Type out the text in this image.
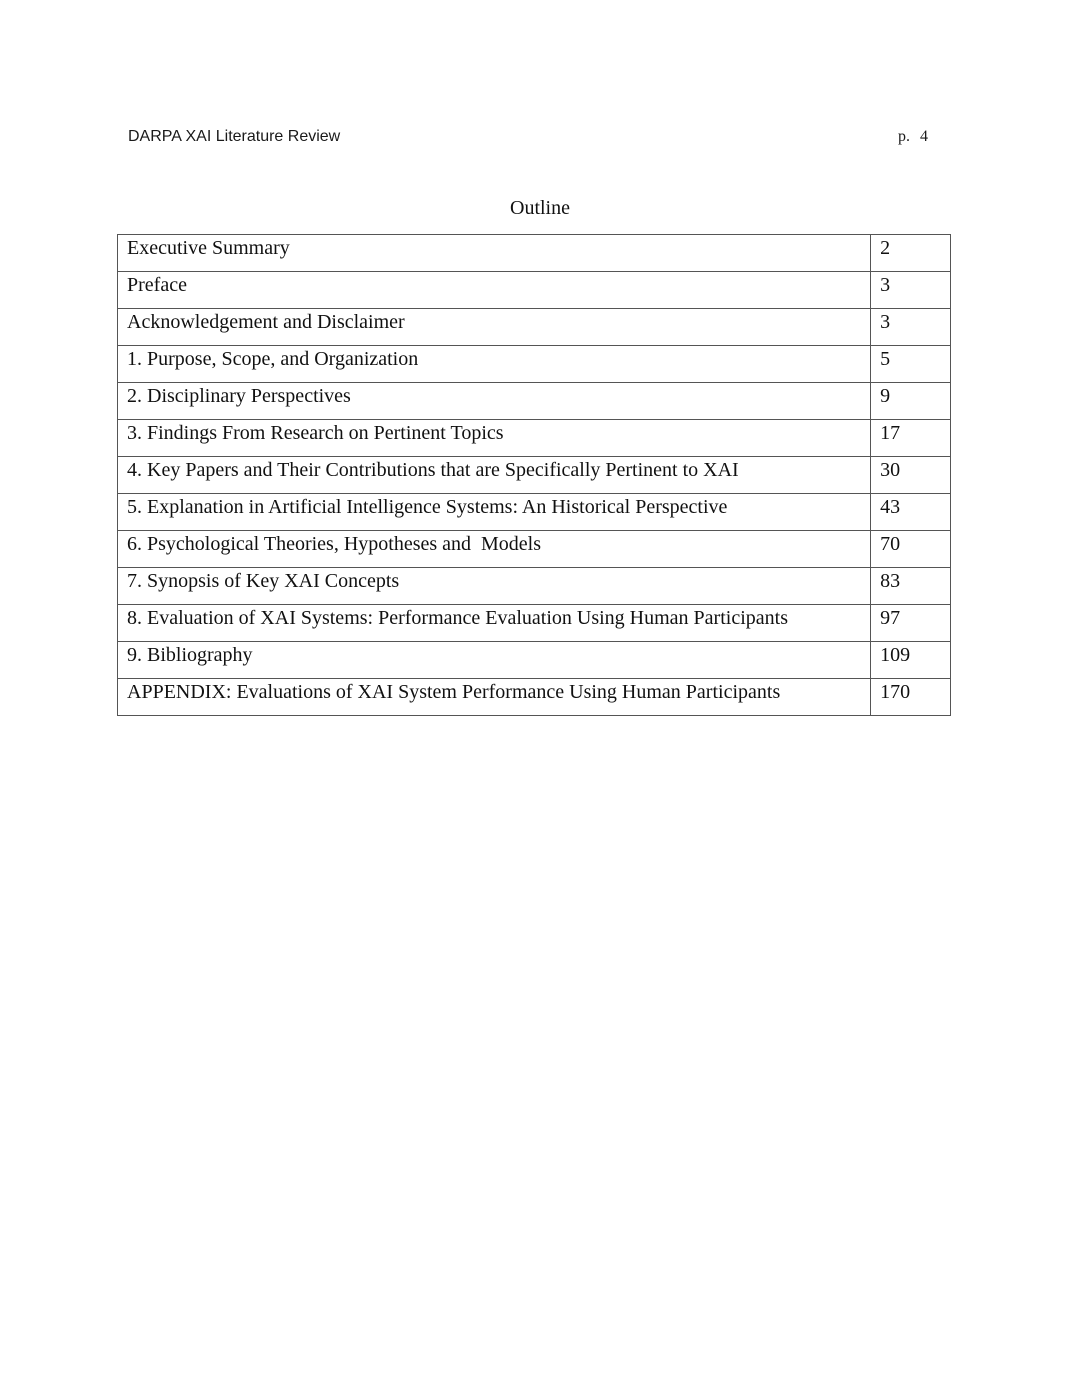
DARPA XAI Literature Review	p. 4
Outline
Executive Summary	2
Preface	3
Acknowledgement and Disclaimer	3
1. Purpose, Scope, and Organization	5
2. Disciplinary Perspectives	9
3. Findings From Research on Pertinent Topics	17
4. Key Papers and Their Contributions that are Specifically Pertinent to XAI	30
5. Explanation in Artificial Intelligence Systems: An Historical Perspective	43
6. Psychological Theories, Hypotheses and  Models	70
7. Synopsis of Key XAI Concepts	83
8. Evaluation of XAI Systems: Performance Evaluation Using Human Participants	97
9. Bibliography	109
APPENDIX: Evaluations of XAI System Performance Using Human Participants	170
